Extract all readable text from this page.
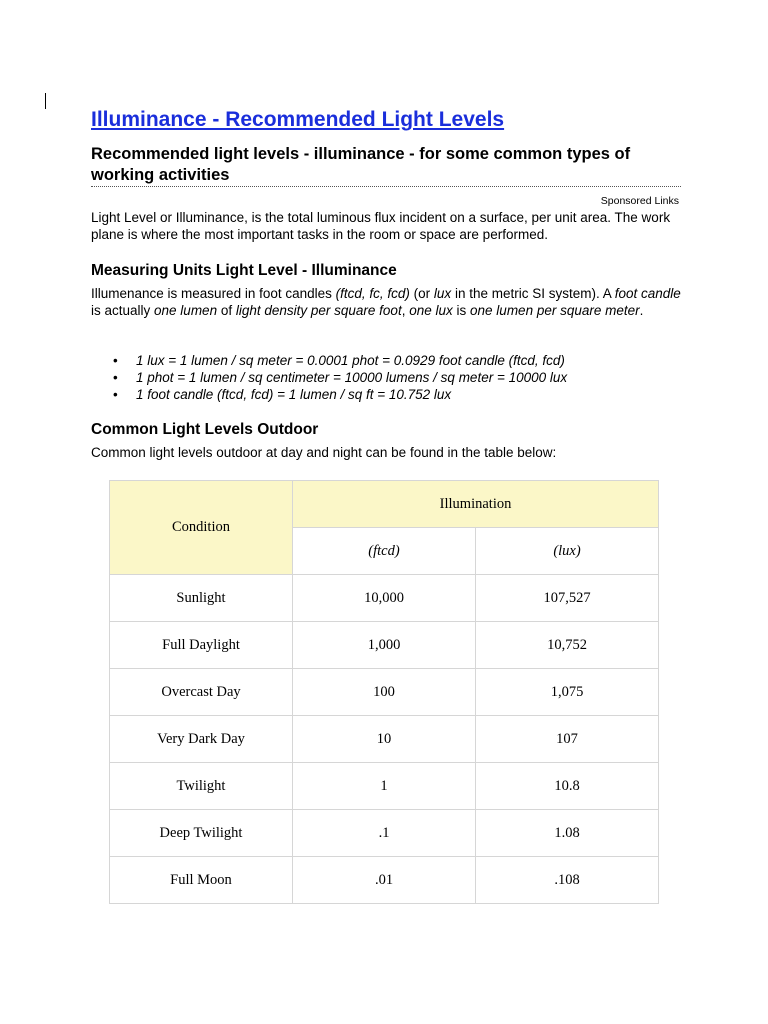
Illuminance - Recommended Light Levels
Recommended light levels - illuminance - for some common types of working activities

Sponsored Links

Light Level or Illuminance, is the total luminous flux incident on a surface, per unit area. The work plane is where the most important tasks in the room or space are performed.

Measuring Units Light Level - Illuminance

Illumenance is measured in foot candles (ftcd, fc, fcd) (or lux in the metric SI system). A foot candle is actually one lumen of light density per square foot, one lux is one lumen per square meter.

• 1 lux = 1 lumen / sq meter = 0.0001 phot = 0.0929 foot candle (ftcd, fcd)
• 1 phot = 1 lumen / sq centimeter = 10000 lumens / sq meter = 10000 lux
• 1 foot candle (ftcd, fcd) = 1 lumen / sq ft = 10.752 lux
Common Light Levels Outdoor

Common light levels outdoor at day and night can be found in the table below:

Condition	Illumination	
	(ftcd)	(lux)
Sunlight	10,000	107,527
Full Daylight	1,000	10,752
Overcast Day	100	1,075
Very Dark Day	10	107
Twilight	1	10.8
Deep Twilight	.1	1.08
Full Moon	.01	.108
